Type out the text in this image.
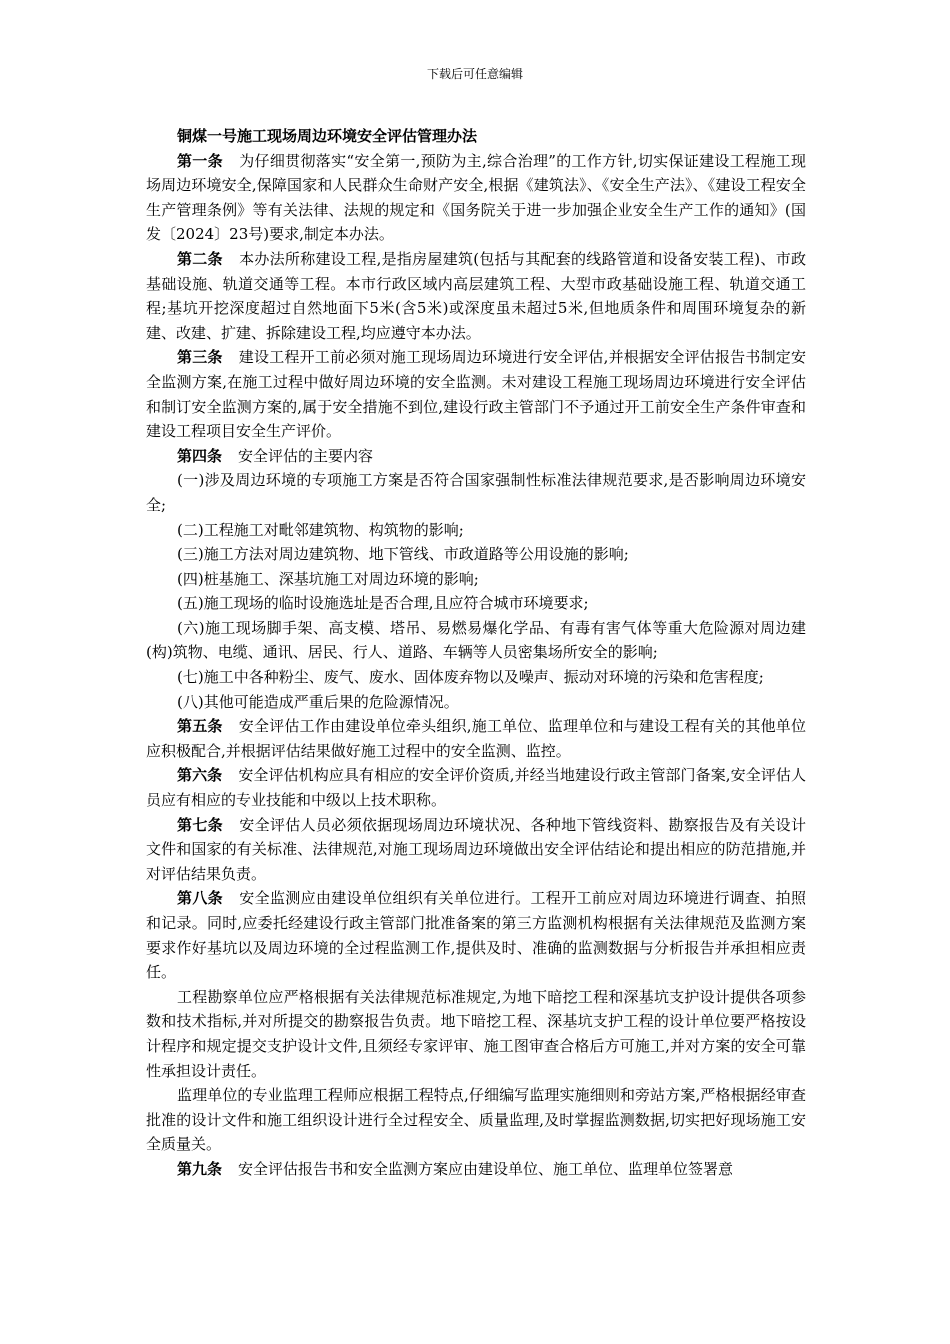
下载后可任意编辑

铜煤一号施工现场周边环境安全评估管理办法

第一条 为仔细贯彻落实“安全第一,预防为主,综合治理”的工作方针,切实保证建设工程施工现场周边环境安全,保障国家和人民群众生命财产安全,根据《建筑法》、《安全生产法》、《建设工程安全生产管理条例》等有关法律、法规的规定和《国务院关于进一步加强企业安全生产工作的通知》(国发〔2024〕23号)要求,制定本办法。

第二条 本办法所称建设工程,是指房屋建筑(包括与其配套的线路管道和设备安装工程)、市政基础设施、轨道交通等工程。本市行政区域内高层建筑工程、大型市政基础设施工程、轨道交通工程;基坑开挖深度超过自然地面下5米(含5米)或深度虽未超过5米,但地质条件和周围环境复杂的新建、改建、扩建、拆除建设工程,均应遵守本办法。

第三条 建设工程开工前必须对施工现场周边环境进行安全评估,并根据安全评估报告书制定安全监测方案,在施工过程中做好周边环境的安全监测。未对建设工程施工现场周边环境进行安全评估和制订安全监测方案的,属于安全措施不到位,建设行政主管部门不予通过开工前安全生产条件审查和建设工程项目安全生产评价。

第四条 安全评估的主要内容

(一)涉及周边环境的专项施工方案是否符合国家强制性标准法律规范要求,是否影响周边环境安全;

(二)工程施工对毗邻建筑物、构筑物的影响;

(三)施工方法对周边建筑物、地下管线、市政道路等公用设施的影响;

(四)桩基施工、深基坑施工对周边环境的影响;

(五)施工现场的临时设施选址是否合理,且应符合城市环境要求;

(六)施工现场脚手架、高支模、塔吊、易燃易爆化学品、有毒有害气体等重大危险源对周边建(构)筑物、电缆、通讯、居民、行人、道路、车辆等人员密集场所安全的影响;

(七)施工中各种粉尘、废气、废水、固体废弃物以及噪声、振动对环境的污染和危害程度;

(八)其他可能造成严重后果的危险源情况。

第五条 安全评估工作由建设单位牵头组织,施工单位、监理单位和与建设工程有关的其他单位应积极配合,并根据评估结果做好施工过程中的安全监测、监控。

第六条 安全评估机构应具有相应的安全评价资质,并经当地建设行政主管部门备案,安全评估人员应有相应的专业技能和中级以上技术职称。

第七条 安全评估人员必须依据现场周边环境状况、各种地下管线资料、勘察报告及有关设计文件和国家的有关标准、法律规范,对施工现场周边环境做出安全评估结论和提出相应的防范措施,并对评估结果负责。

第八条 安全监测应由建设单位组织有关单位进行。工程开工前应对周边环境进行调查、拍照和记录。同时,应委托经建设行政主管部门批准备案的第三方监测机构根据有关法律规范及监测方案要求作好基坑以及周边环境的全过程监测工作,提供及时、准确的监测数据与分析报告并承担相应责任。

工程勘察单位应严格根据有关法律规范标准规定,为地下暗挖工程和深基坑支护设计提供各项参数和技术指标,并对所提交的勘察报告负责。地下暗挖工程、深基坑支护工程的设计单位要严格按设计程序和规定提交支护设计文件,且须经专家评审、施工图审查合格后方可施工,并对方案的安全可靠性承担设计责任。

监理单位的专业监理工程师应根据工程特点,仔细编写监理实施细则和旁站方案,严格根据经审查批准的设计文件和施工组织设计进行全过程安全、质量监理,及时掌握监测数据,切实把好现场施工安全质量关。

第九条 安全评估报告书和安全监测方案应由建设单位、施工单位、监理单位签署意
